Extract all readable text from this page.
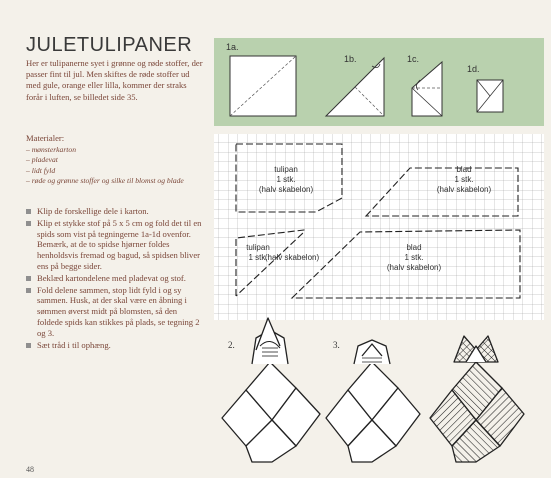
JULETULIPANER
Her er tulipanerne syet i grønne og røde stoffer, der passer fint til jul. Men skiftes de røde stoffer ud med gule, orange eller lilla, kommer der straks forår i luften, se billedet side 35.
Materialer:
– mønsterkarton
– pladevat
– lidt fyld
– røde og grønne stoffer og silke til blomst og blade
Klip de forskellige dele i karton.
Klip et stykke stof på 5 x 5 cm og fold det til en spids som vist på tegningerne 1a-1d ovenfor. Bemærk, at de to spidse hjørner foldes henholdsvis fremad og bagud, så spidsen bliver ens på begge sider.
Beklæd kartondelene med pladevat og stof.
Fold delene sammen, stop lidt fyld i og sy sammen. Husk, at der skal være en åbning i sømmen øverst midt på blomsten, så den foldede spids kan stikkes på plads, se tegning 2 og 3.
Sæt tråd i til ophæng.
48
1a.
1b.	1c.
1d.
tulipan
1 stk.
(halv skabelon)
blad
1 stk.
(halv skabelon)
tulipan
1 stk.
(halv skabelon)
blad
1 stk.
(halv skabelon)
2.	3.
